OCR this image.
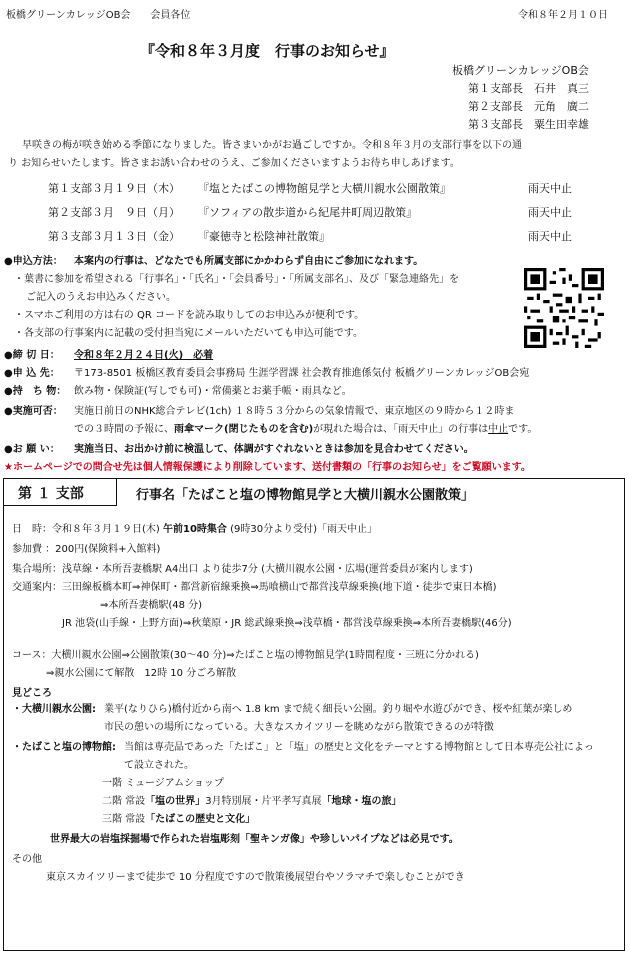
板橋グリーンカレッジOB会　　会員各位	令和８年２月１０日
『令和８年３月度　行事のお知らせ』
板橋グリーンカレッジOB会
第１支部長　石井　真三
第２支部長　元角　廣二
第３支部長　粟生田幸雄
早咲きの梅が咲き始める季節になりました。皆さまいかがお過ごしですか。令和８年３月の支部行事を以下の通
り お知らせいたします。皆さまお誘い合わせのうえ、ご参加くださいますようお待ち申しあげます。
第１支部３月１９日（木） 『塩とたばこの博物館見学と大横川親水公園散策』	雨天中止
第２支部３月　９日（月） 『ソフィアの散歩道から紀尾井町周辺散策』	雨天中止
第３支部３月１３日（金） 『豪徳寺と松陰神社散策』	雨天中止
●申込方法： 本案内の行事は、どなたでも所属支部にかかわらず自由にご参加になれます。
・葉書に参加を希望される「行事名」・「氏名」・「会員番号」・「所属支部名」、及び「緊急連絡先」を
ご記入のうえお申込みください。
・スマホご利用の方は右の QR コードを読み取りしてのお申込みが便利です。
・各支部の行事案内に記載の受付担当宛にメールいただいても申込可能です。
●締 切 日： 令和８年２月２４日(火)　必着
●申 込 先： 〒173-8501 板橋区教育委員会事務局 生涯学習課 社会教育推進係気付 板橋グリーンカレッジOB会宛
●持　ち 物： 飲み物・保険証(写しでも可)・常備薬とお薬手帳・雨具など。
●実施可否： 実施日前日のNHK総合テレビ(1ch) １８時５３分からの気象情報で、東京地区の９時から１２時ま
での３時間の予報に、雨傘マーク(閉じたものを含む)が現れた場合は、「雨天中止」の行事は中止です。
●お 願 い： 実施当日、お出かけ前に検温して、体調がすぐれないときは参加を見合わせてください。
★ホームページでの問合せ先は個人情報保護により削除しています、送付書類の「行事のお知らせ」をご覧願います。
第 １ 支部	行事名「たばこと塩の博物館見学と大横川親水公園散策」
日　時：令和８年３月１９日(木) 午前10時集合 (9時30分より受付)「雨天中止」
参加費 ：200円(保険料+入館料)
集合場所：浅草線・本所吾妻橋駅 A4出口 より徒歩7分 (大横川親水公園・広場(運営委員が案内します)
交通案内：三田線板橋本町⇒神保町・都営新宿線乗換⇒馬喰横山で都営浅草線乗換(地下道・徒歩で東日本橋)
⇒本所吾妻橋駅(48 分)
JR 池袋(山手線・上野方面)⇒秋葉原・JR 総武線乗換⇒浅草橋・都営浅草線乗換⇒本所吾妻橋駅(46分)
コース：大横川親水公園⇒公園散策(30～40 分)⇒たばこと塩の博物館見学(1時間程度・三班に分かれる)
⇒親水公園にて解散　12時 10 分ごろ解散
見どころ
・大横川親水公園: 業平(なりひら)橋付近から南へ 1.8 km まで続く細長い公園。釣り堀や水遊びができ、桜や紅葉が楽しめ
市民の憩いの場所になっている。大きなスカイツリーを眺めながら散策できるのが特徴
・たばこと塩の博物館: 当館は専売品であった「たばこ」と「塩」の歴史と文化をテーマとする博物館として日本専売公社によっ
て設立された。
一階 ミュージアムショップ
二階 常設「塩の世界」3月特別展・片平孝写真展「地球・塩の旅」
三階 常設「たばこの歴史と文化」
世界最大の岩塩採掘場で作られた岩塩彫刻「聖キンガ像」や珍しいパイプなどは必見です。
その他
東京スカイツリーまで徒歩で 10 分程度ですので散策後展望台やソラマチで楽しむことができ
